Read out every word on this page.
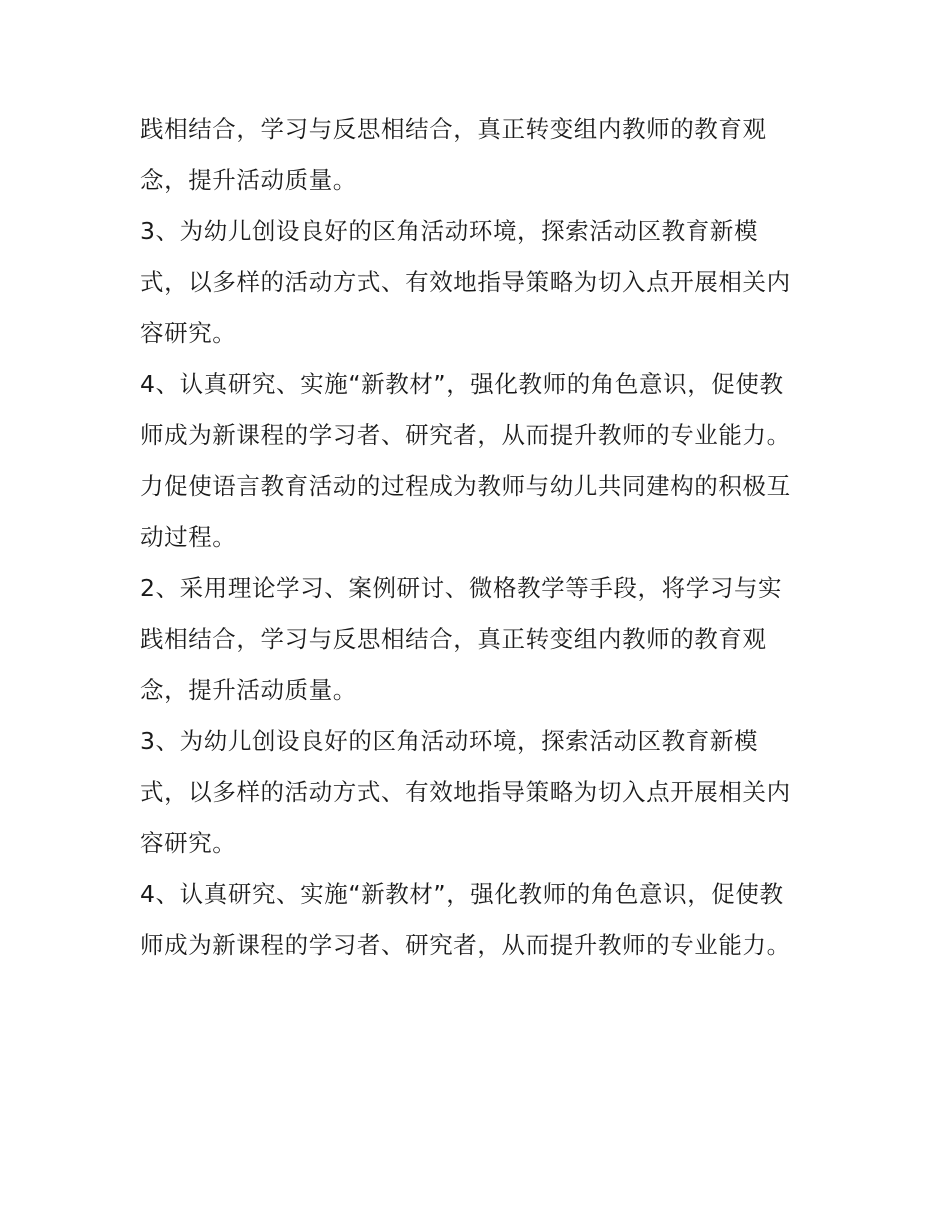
践相结合，学习与反思相结合，真正转变组内教师的教育观
念，提升活动质量。
3、为幼儿创设良好的区角活动环境，探索活动区教育新模
式，以多样的活动方式、有效地指导策略为切入点开展相关内
容研究。
4、认真研究、实施“新教材”，强化教师的角色意识，促使教
师成为新课程的学习者、研究者，从而提升教师的专业能力。
力促使语言教育活动的过程成为教师与幼儿共同建构的积极互
动过程。
2、采用理论学习、案例研讨、微格教学等手段，将学习与实
践相结合，学习与反思相结合，真正转变组内教师的教育观
念，提升活动质量。
3、为幼儿创设良好的区角活动环境，探索活动区教育新模
式，以多样的活动方式、有效地指导策略为切入点开展相关内
容研究。
4、认真研究、实施“新教材”，强化教师的角色意识，促使教
师成为新课程的学习者、研究者，从而提升教师的专业能力。
